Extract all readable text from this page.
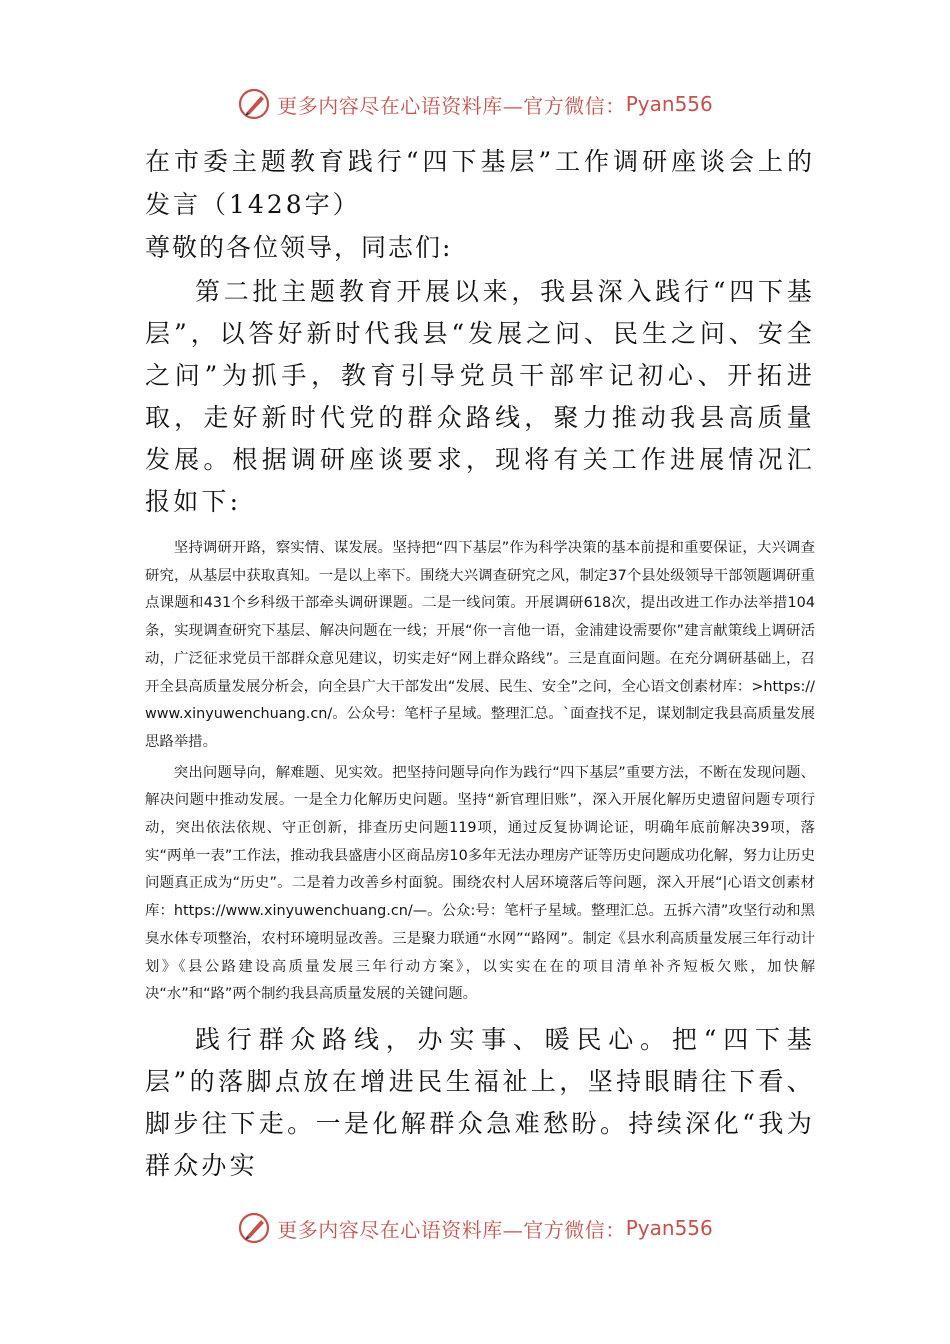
更多内容尽在心语资料库—官方微信： Pyan556
在市委主题教育践行“四下基层”工作调研座谈会上的发言（1428字）

尊敬的各位领导，同志们:

第二批主题教育开展以来，我县深入践行“四下基层”，以答好新时代我县“发展之问、民生之问、安全之问”为抓手，教育引导党员干部牢记初心、开拓进取，走好新时代党的群众路线，聚力推动我县高质量发展。根据调研座谈要求，现将有关工作进展情况汇报如下:

坚持调研开路，察实情、谋发展。坚持把“四下基层”作为科学决策的基本前提和重要保证，大兴调查研究，从基层中获取真知。一是以上率下。围绕大兴调查研究之风，制定37个县处级领导干部领题调研重点课题和431个乡科级干部牵头调研课题。二是一线问策。开展调研618次，提出改进工作办法举措104条，实现调查研究下基层、解决问题在一线；开展“你一言他一语，金浦建设需要你”建言献策线上调研活动，广泛征求党员干部群众意见建议，切实走好“网上群众路线”。三是直面问题。在充分调研基础上，召开全县高质量发展分析会，向全县广大干部发出“发展、民生、安全”之问，全心语文创素材库：>https://www.xinyuwenchuang.cn/。公众号：笔杆子星域。整理汇总。`面查找不足，谋划制定我县高质量发展思路举措。

突出问题导向，解难题、见实效。把坚持问题导向作为践行“四下基层”重要方法，不断在发现问题、解决问题中推动发展。一是全力化解历史问题。坚持“新官理旧账”，深入开展化解历史遗留问题专项行动，突出依法依规、守正创新，排查历史问题119项，通过反复协调论证，明确年底前解决39项，落实“两单一表”工作法，推动我县盛唐小区商品房10多年无法办理房产证等历史问题成功化解，努力让历史问题真正成为“历史”。二是着力改善乡村面貌。围绕农村人居环境落后等问题，深入开展“|心语文创素材库：https://www.xinyuwenchuang.cn/—。公众:号：笔杆子星域。整理汇总。五拆六清”攻坚行动和黑臭水体专项整治，农村环境明显改善。三是聚力联通“水网”“路网”。制定《县水利高质量发展三年行动计划》《县公路建设高质量发展三年行动方案》，以实实在在的项目清单补齐短板欠账，加快解决“水”和“路”两个制约我县高质量发展的关键问题。

践行群众路线，办实事、暖民心。把“四下基层”的落脚点放在增进民生福祉上，坚持眼睛往下看、脚步往下走。一是化解群众急难愁盼。持续深化“我为群众办实

更多内容尽在心语资料库—官方微信： Pyan556
